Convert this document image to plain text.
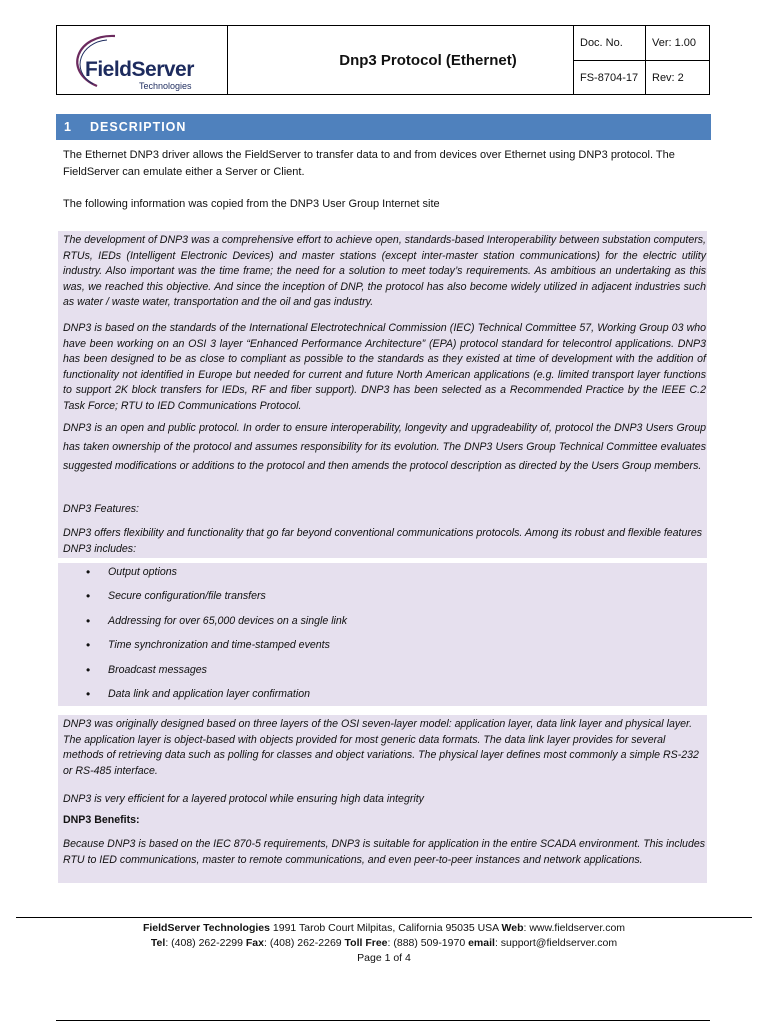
FieldServer
Technologies
Dnp3 Protocol (Ethernet)
Doc. No.	Ver: 1.00
FS-8704-17	Rev: 2
1	DESCRIPTION
The Ethernet DNP3 driver allows the FieldServer to transfer data to and from devices over Ethernet using DNP3 protocol. The FieldServer can emulate either a Server or Client.
The following information was copied from the DNP3 User Group Internet site
The development of DNP3 was a comprehensive effort to achieve open, standards-based Interoperability between substation computers, RTUs, IEDs (Intelligent Electronic Devices) and master stations (except inter-master station communications) for the electric utility industry. Also important was the time frame; the need for a solution to meet today’s requirements. As ambitious an undertaking as this was, we reached this objective. And since the inception of DNP, the protocol has also become widely utilized in adjacent industries such as water / waste water, transportation and the oil and gas industry.
DNP3 is based on the standards of the International Electrotechnical Commission (IEC) Technical Committee 57, Working Group 03 who have been working on an OSI 3 layer “Enhanced Performance Architecture” (EPA) protocol standard for telecontrol applications. DNP3 has been designed to be as close to compliant as possible to the standards as they existed at time of development with the addition of functionality not identified in Europe but needed for current and future North American applications (e.g. limited transport layer functions to support 2K block transfers for IEDs, RF and fiber support). DNP3 has been selected as a Recommended Practice by the IEEE C.2 Task Force; RTU to IED Communications Protocol.
DNP3 is an open and public protocol. In order to ensure interoperability, longevity and upgradeability of, protocol the DNP3 Users Group has taken ownership of the protocol and assumes responsibility for its evolution. The DNP3 Users Group Technical Committee evaluates suggested modifications or additions to the protocol and then amends the protocol description as directed by the Users Group members.
DNP3 Features:
DNP3 offers flexibility and functionality that go far beyond conventional communications protocols. Among its robust and flexible features DNP3 includes:
• Output options
• Secure configuration/file transfers
• Addressing for over 65,000 devices on a single link
• Time synchronization and time-stamped events
• Broadcast messages
• Data link and application layer confirmation
DNP3 was originally designed based on three layers of the OSI seven-layer model: application layer, data link layer and physical layer. The application layer is object-based with objects provided for most generic data formats. The data link layer provides for several methods of retrieving data such as polling for classes and object variations. The physical layer defines most commonly a simple RS-232 or RS-485 interface.
DNP3 is very efficient for a layered protocol while ensuring high data integrity
DNP3 Benefits:
Because DNP3 is based on the IEC 870-5 requirements, DNP3 is suitable for application in the entire SCADA environment. This includes RTU to IED communications, master to remote communications, and even peer-to-peer instances and network applications.
FieldServer Technologies 1991 Tarob Court Milpitas, California 95035 USA Web: www.fieldserver.com
Tel: (408) 262-2299 Fax: (408) 262-2269 Toll Free: (888) 509-1970 email: support@fieldserver.com
Page 1 of 4
